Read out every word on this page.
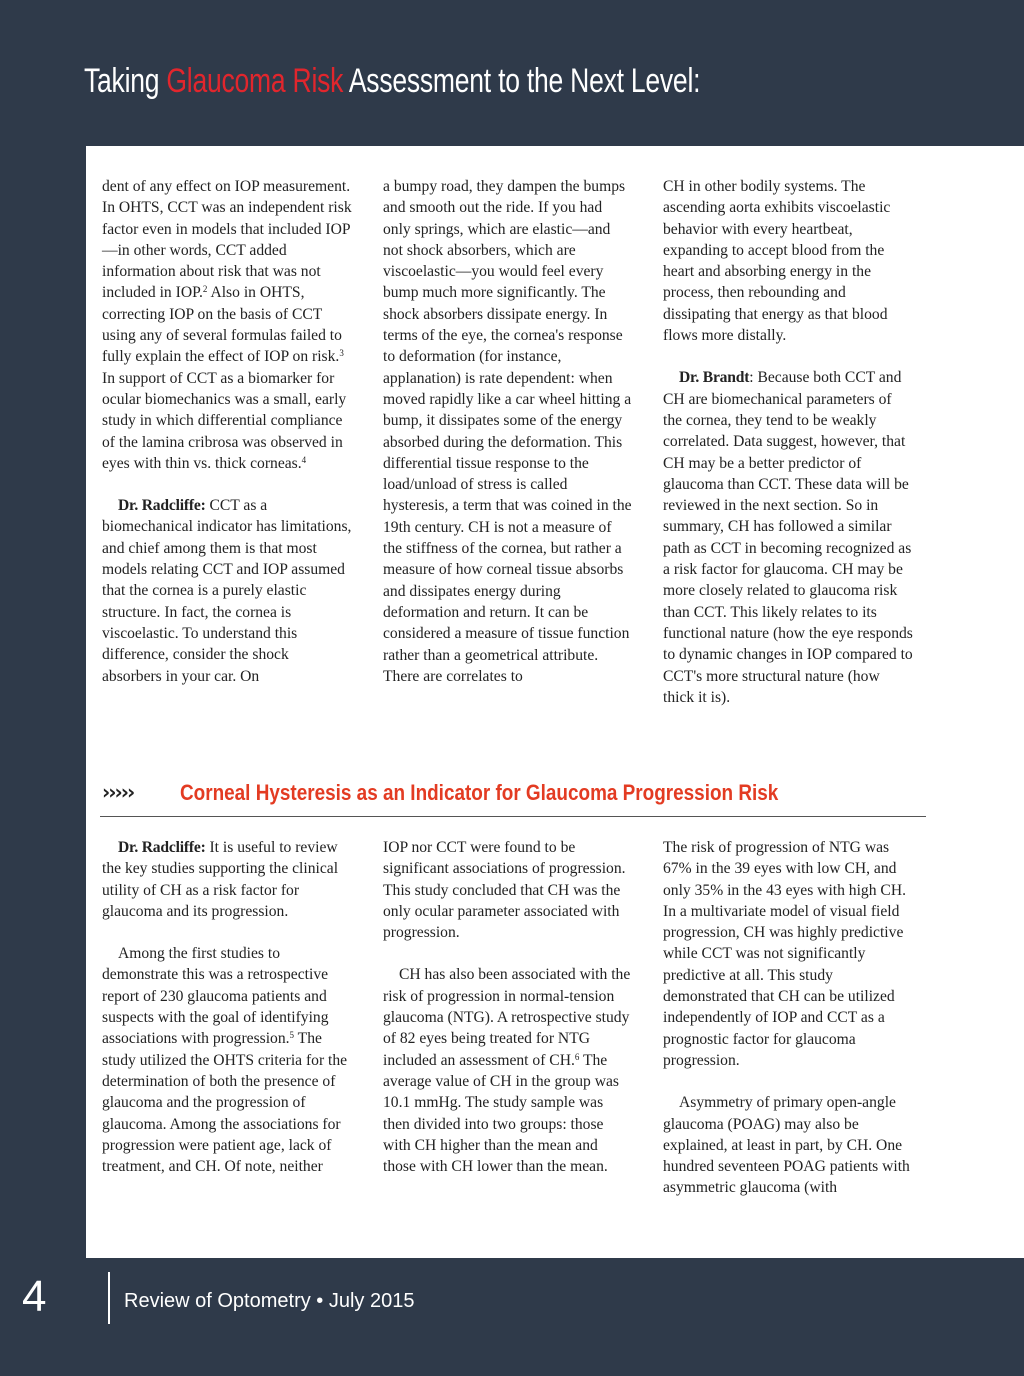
Taking Glaucoma Risk Assessment to the Next Level:

dent of any effect on IOP measurement. In OHTS, CCT was an independent risk factor even in models that included IOP—in other words, CCT added information about risk that was not included in IOP.$^2$ Also in OHTS, correcting IOP on the basis of CCT using any of several formulas failed to fully explain the effect of IOP on risk.$^3$ In support of CCT as a biomarker for ocular biomechanics was a small, early study in which differential compliance of the lamina cribrosa was observed in eyes with thin vs. thick corneas.$^4$

Dr. Radcliffe: CCT as a biomechanical indicator has limitations, and chief among them is that most models relating CCT and IOP assumed that the cornea is a purely elastic structure. In fact, the cornea is viscoelastic. To understand this difference, consider the shock absorbers in your car. On

a bumpy road, they dampen the bumps and smooth out the ride. If you had only springs, which are elastic—and not shock absorbers, which are viscoelastic—you would feel every bump much more significantly. The shock absorbers dissipate energy. In terms of the eye, the cornea's response to deformation (for instance, applanation) is rate dependent: when moved rapidly like a car wheel hitting a bump, it dissipates some of the energy absorbed during the deformation. This differential tissue response to the load/unload of stress is called hysteresis, a term that was coined in the 19th century. CH is not a measure of the stiffness of the cornea, but rather a measure of how corneal tissue absorbs and dissipates energy during deformation and return. It can be considered a measure of tissue function rather than a geometrical attribute. There are correlates to

CH in other bodily systems. The ascending aorta exhibits viscoelastic behavior with every heartbeat, expanding to accept blood from the heart and absorbing energy in the process, then rebounding and dissipating that energy as that blood flows more distally.

Dr. Brandt: Because both CCT and CH are biomechanical parameters of the cornea, they tend to be weakly correlated. Data suggest, however, that CH may be a better predictor of glaucoma than CCT. These data will be reviewed in the next section. So in summary, CH has followed a similar path as CCT in becoming recognized as a risk factor for glaucoma. CH may be more closely related to glaucoma risk than CCT. This likely relates to its functional nature (how the eye responds to dynamic changes in IOP compared to CCT's more structural nature (how thick it is).

››››› Corneal Hysteresis as an Indicator for Glaucoma Progression Risk

Dr. Radcliffe: It is useful to review the key studies supporting the clinical utility of CH as a risk factor for glaucoma and its progression.

Among the first studies to demonstrate this was a retrospective report of 230 glaucoma patients and suspects with the goal of identifying associations with progression.$^5$ The study utilized the OHTS criteria for the determination of both the presence of glaucoma and the progression of glaucoma. Among the associations for progression were patient age, lack of treatment, and CH. Of note, neither

IOP nor CCT were found to be significant associations of progression. This study concluded that CH was the only ocular parameter associated with progression.

CH has also been associated with the risk of progression in normal-tension glaucoma (NTG). A retrospective study of 82 eyes being treated for NTG included an assessment of CH.$^6$ The average value of CH in the group was 10.1 mmHg. The study sample was then divided into two groups: those with CH higher than the mean and those with CH lower than the mean.

The risk of progression of NTG was 67% in the 39 eyes with low CH, and only 35% in the 43 eyes with high CH. In a multivariate model of visual field progression, CH was highly predictive while CCT was not significantly predictive at all. This study demonstrated that CH can be utilized independently of IOP and CCT as a prognostic factor for glaucoma progression.

Asymmetry of primary open-angle glaucoma (POAG) may also be explained, at least in part, by CH. One hundred seventeen POAG patients with asymmetric glaucoma (with

4	Review of Optometry • July 2015
